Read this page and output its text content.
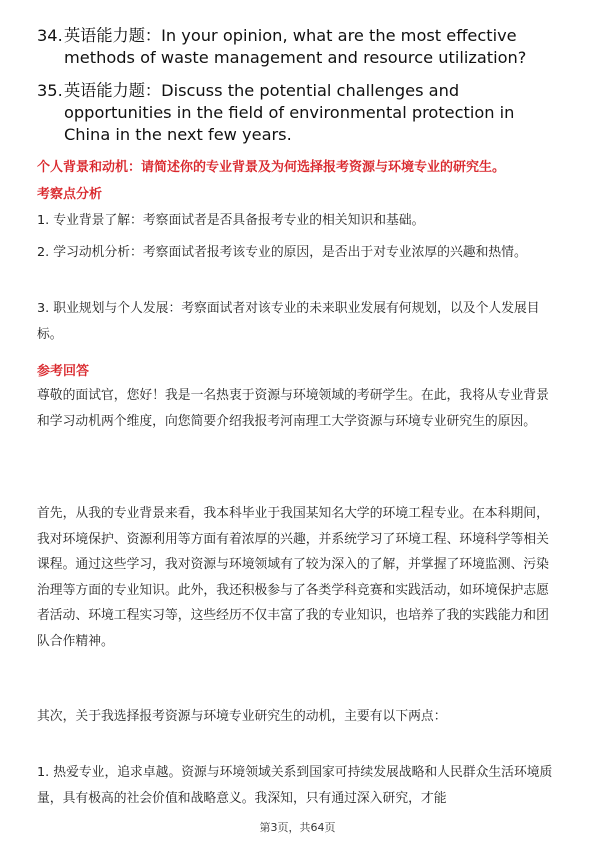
34. 英语能力题：In your opinion, what are the most effective methods of waste management and resource utilization?
35. 英语能力题：Discuss the potential challenges and opportunities in the field of environmental protection in China in the next few years.
个人背景和动机：请简述你的专业背景及为何选择报考资源与环境专业的研究生。
考察点分析
1. 专业背景了解：考察面试者是否具备报考专业的相关知识和基础。
2. 学习动机分析：考察面试者报考该专业的原因，是否出于对专业浓厚的兴趣和热情。
3. 职业规划与个人发展：考察面试者对该专业的未来职业发展有何规划，以及个人发展目标。
参考回答
尊敬的面试官，您好！我是一名热衷于资源与环境领域的考研学生。在此，我将从专业背景和学习动机两个维度，向您简要介绍我报考河南理工大学资源与环境专业研究生的原因。
首先，从我的专业背景来看，我本科毕业于我国某知名大学的环境工程专业。在本科期间，我对环境保护、资源利用等方面有着浓厚的兴趣，并系统学习了环境工程、环境科学等相关课程。通过这些学习，我对资源与环境领域有了较为深入的了解，并掌握了环境监测、污染治理等方面的专业知识。此外，我还积极参与了各类学科竞赛和实践活动，如环境保护志愿者活动、环境工程实习等，这些经历不仅丰富了我的专业知识，也培养了我的实践能力和团队合作精神。
其次，关于我选择报考资源与环境专业研究生的动机，主要有以下两点：
1. 热爱专业，追求卓越。资源与环境领域关系到国家可持续发展战略和人民群众生活环境质量，具有极高的社会价值和战略意义。我深知，只有通过深入研究，才能
第3页，共64页
